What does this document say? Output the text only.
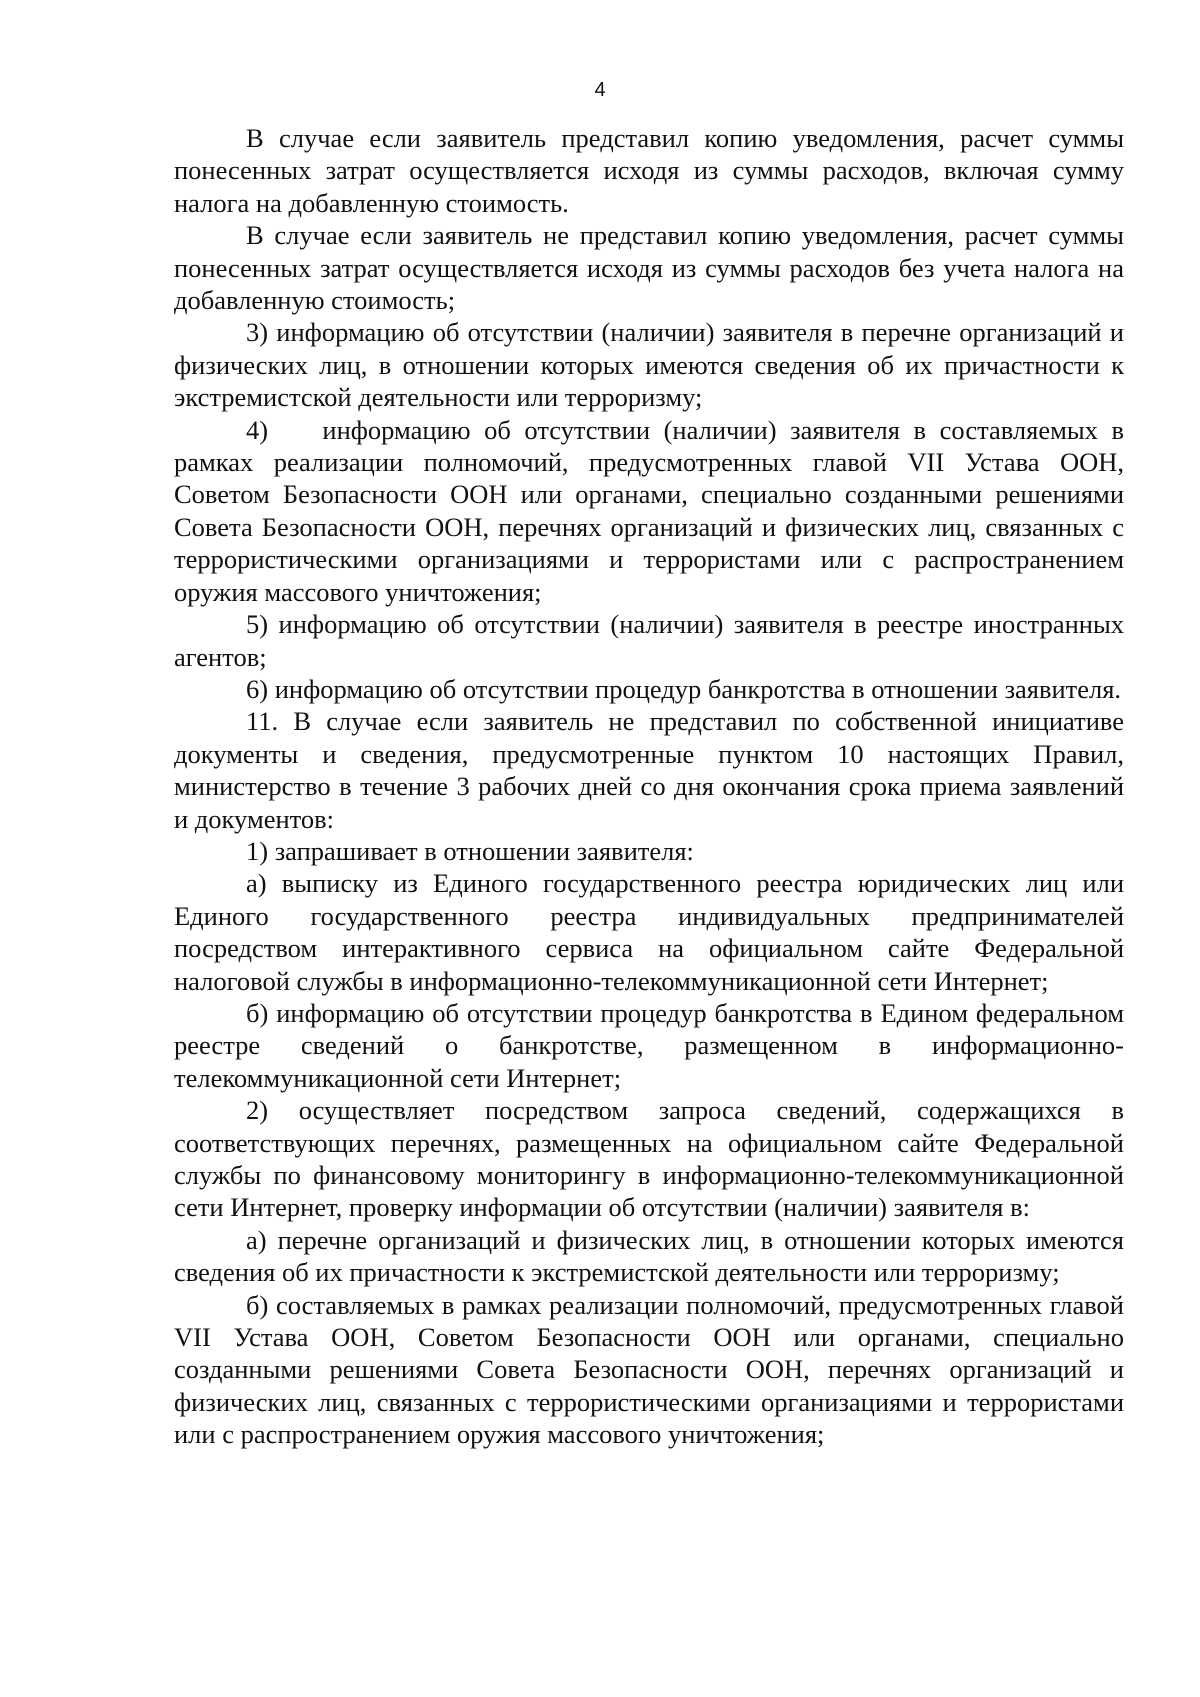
4

В случае если заявитель представил копию уведомления, расчет суммы понесенных затрат осуществляется исходя из суммы расходов, включая сумму налога на добавленную стоимость.

В случае если заявитель не представил копию уведомления, расчет суммы понесенных затрат осуществляется исходя из суммы расходов без учета налога на добавленную стоимость;

3) информацию об отсутствии (наличии) заявителя в перечне организаций и физических лиц, в отношении которых имеются сведения об их причастности к экстремистской деятельности или терроризму;

4)    информацию об отсутствии (наличии) заявителя в составляемых в рамках реализации полномочий, предусмотренных главой VII Устава ООН, Советом Безопасности ООН или органами, специально созданными решениями Совета Безопасности ООН, перечнях организаций и физических лиц, связанных с террористическими организациями и террористами или с распространением оружия массового уничтожения;

5) информацию об отсутствии (наличии) заявителя в реестре иностранных агентов;

6) информацию об отсутствии процедур банкротства в отношении заявителя.

11. В случае если заявитель не представил по собственной инициативе документы и сведения, предусмотренные пунктом 10 настоящих Правил, министерство в течение 3 рабочих дней со дня окончания срока приема заявлений и документов:

1) запрашивает в отношении заявителя:

а) выписку из Единого государственного реестра юридических лиц или Единого государственного реестра индивидуальных предпринимателей посредством интерактивного сервиса на официальном сайте Федеральной налоговой службы в информационно-телекоммуникационной сети Интернет;

б) информацию об отсутствии процедур банкротства в Едином федеральном реестре сведений о банкротстве, размещенном в информационно-телекоммуникационной сети Интернет;

2) осуществляет посредством запроса сведений, содержащихся в соответствующих перечнях, размещенных на официальном сайте Федеральной службы по финансовому мониторингу в информационно-телекоммуникационной сети Интернет, проверку информации об отсутствии (наличии) заявителя в:

а) перечне организаций и физических лиц, в отношении которых имеются сведения об их причастности к экстремистской деятельности или терроризму;

б) составляемых в рамках реализации полномочий, предусмотренных главой VII Устава ООН, Советом Безопасности ООН или органами, специально созданными решениями Совета Безопасности ООН, перечнях организаций и физических лиц, связанных с террористическими организациями и террористами или с распространением оружия массового уничтожения;
